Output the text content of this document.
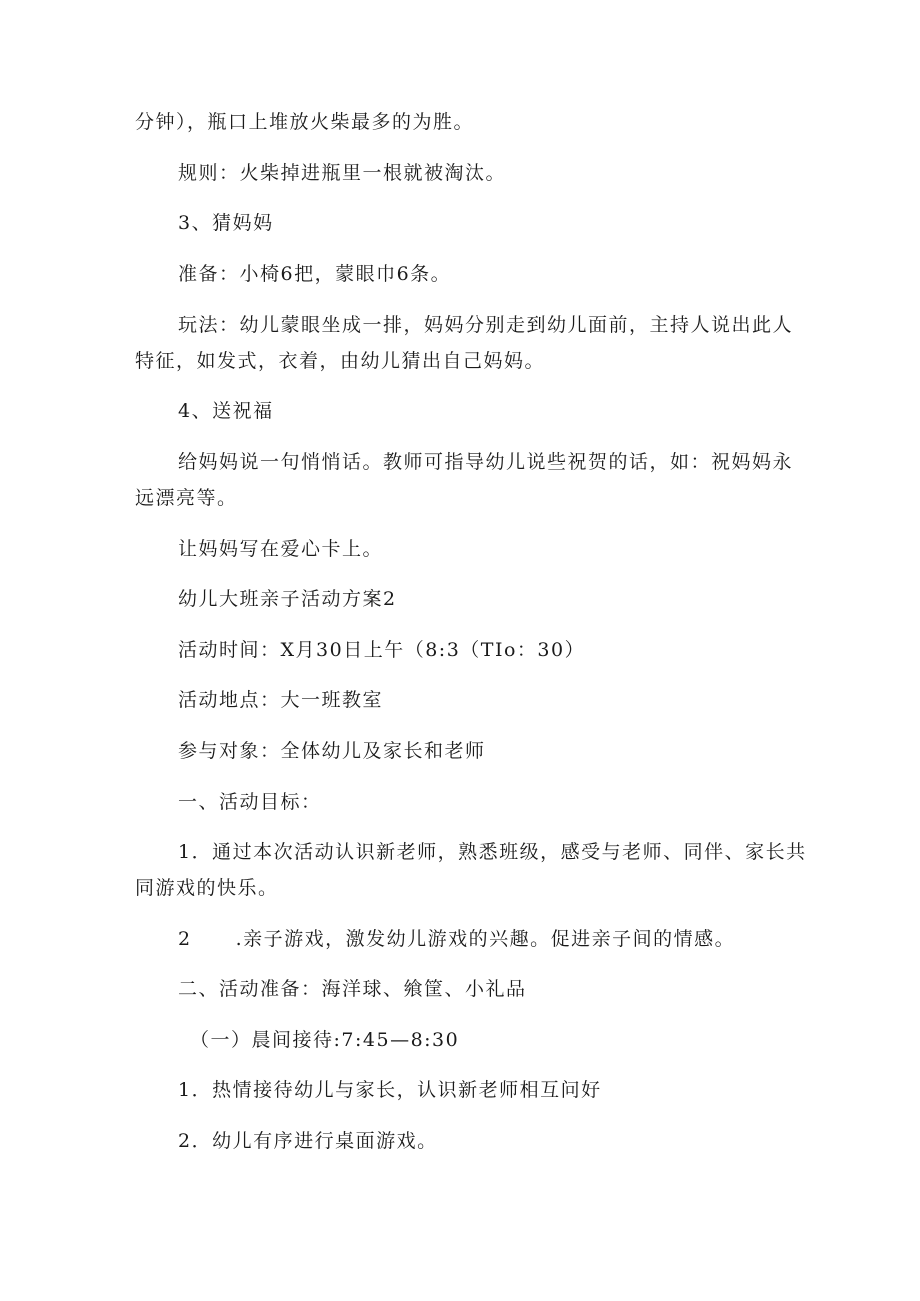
分钟），瓶口上堆放火柴最多的为胜。
规则：火柴掉进瓶里一根就被淘汰。
3、猜妈妈
准备：小椅6把，蒙眼巾6条。
玩法：幼儿蒙眼坐成一排，妈妈分别走到幼儿面前，主持人说出此人
特征，如发式，衣着，由幼儿猜出自己妈妈。
4、送祝福
给妈妈说一句悄悄话。教师可指导幼儿说些祝贺的话，如：祝妈妈永
远漂亮等。
让妈妈写在爱心卡上。
幼儿大班亲子活动方案2
活动时间：X月30日上午（8:3（TIo：30）
活动地点：大一班教室
参与对象：全体幼儿及家长和老师
一、活动目标：
1．通过本次活动认识新老师，熟悉班级，感受与老师、同伴、家长共
同游戏的快乐。
2 .亲子游戏，激发幼儿游戏的兴趣。促进亲子间的情感。
二、活动准备：海洋球、飨筐、小礼品
（一）晨间接待:7:45—8:30
1．热情接待幼儿与家长，认识新老师相互问好
2．幼儿有序进行桌面游戏。
